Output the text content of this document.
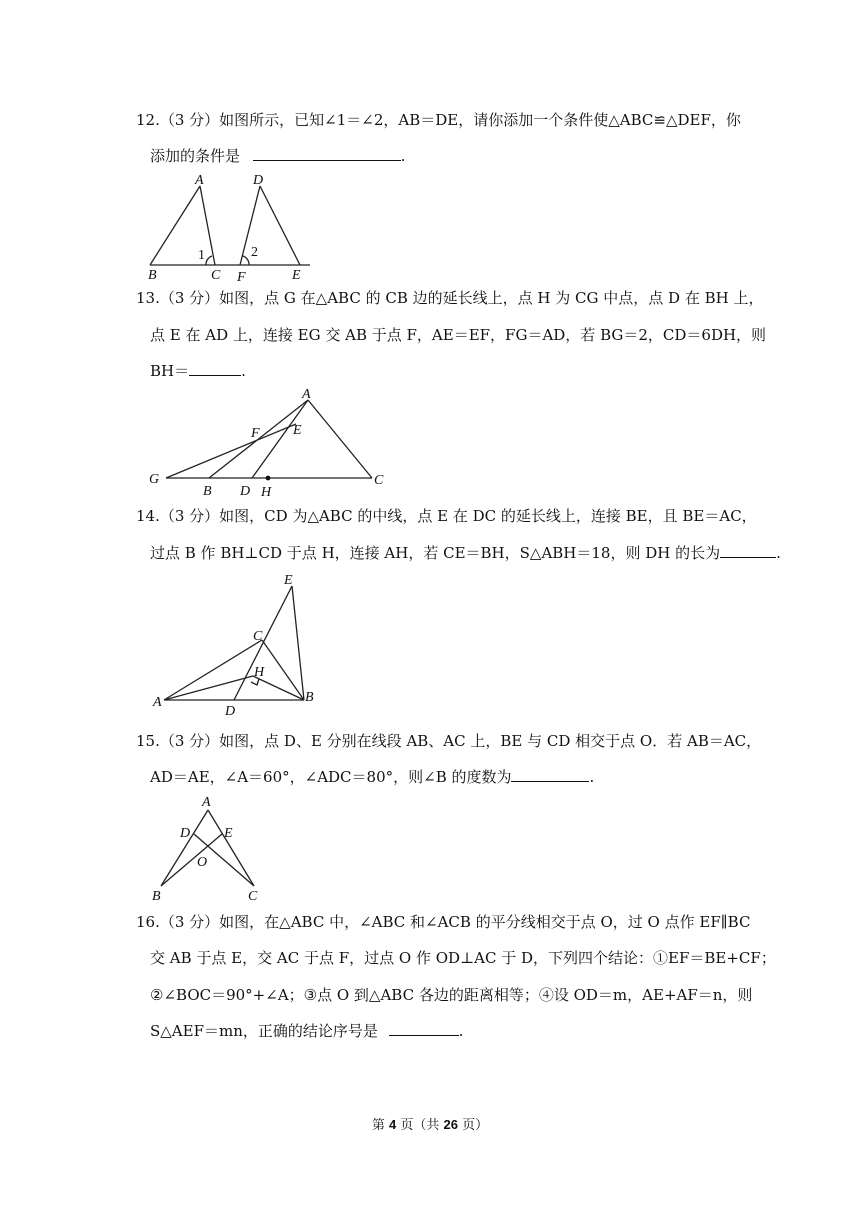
12.（3 分）如图所示，已知∠1＝∠2，AB＝DE，请你添加一个条件使△ABC≌△DEF，你
添加的条件是	.
A
B	C
D
E
F
1	2
13.（3 分）如图，点 G 在△ABC 的 CB 边的延长线上，点 H 为 CG 中点，点 D 在 BH 上，
点 E 在 AD 上，连接 EG 交 AB 于点 F，AE＝EF，FG＝AD，若 BG＝2，CD＝6DH，则
BH＝	.
A
B
C
D
E
F
G
H
14.（3 分）如图，CD 为△ABC 的中线，点 E 在 DC 的延长线上，连接 BE，且 BE＝AC，
过点 B 作 BH⊥CD 于点 H，连接 AH，若 CE＝BH，S△ABH＝18，则 DH 的长为	.
A	B
C
D
E
H
15.（3 分）如图，点 D、E 分别在线段 AB、AC 上，BE 与 CD 相交于点 O．若 AB＝AC，
AD＝AE，∠A＝60°，∠ADC＝80°，则∠B 的度数为	.
A
B	C
D E
O
16.（3 分）如图，在△ABC 中，∠ABC 和∠ACB 的平分线相交于点 O，过 O 点作 EF∥BC
交 AB 于点 E，交 AC 于点 F，过点 O 作 OD⊥AC 于 D，下列四个结论：①EF＝BE+CF；
②∠BOC＝90°+∠A；③点 O 到△ABC 各边的距离相等；④设 OD＝m，AE+AF＝n，则
S△AEF＝mn，正确的结论序号是	.
第 4 页（共 26 页）
